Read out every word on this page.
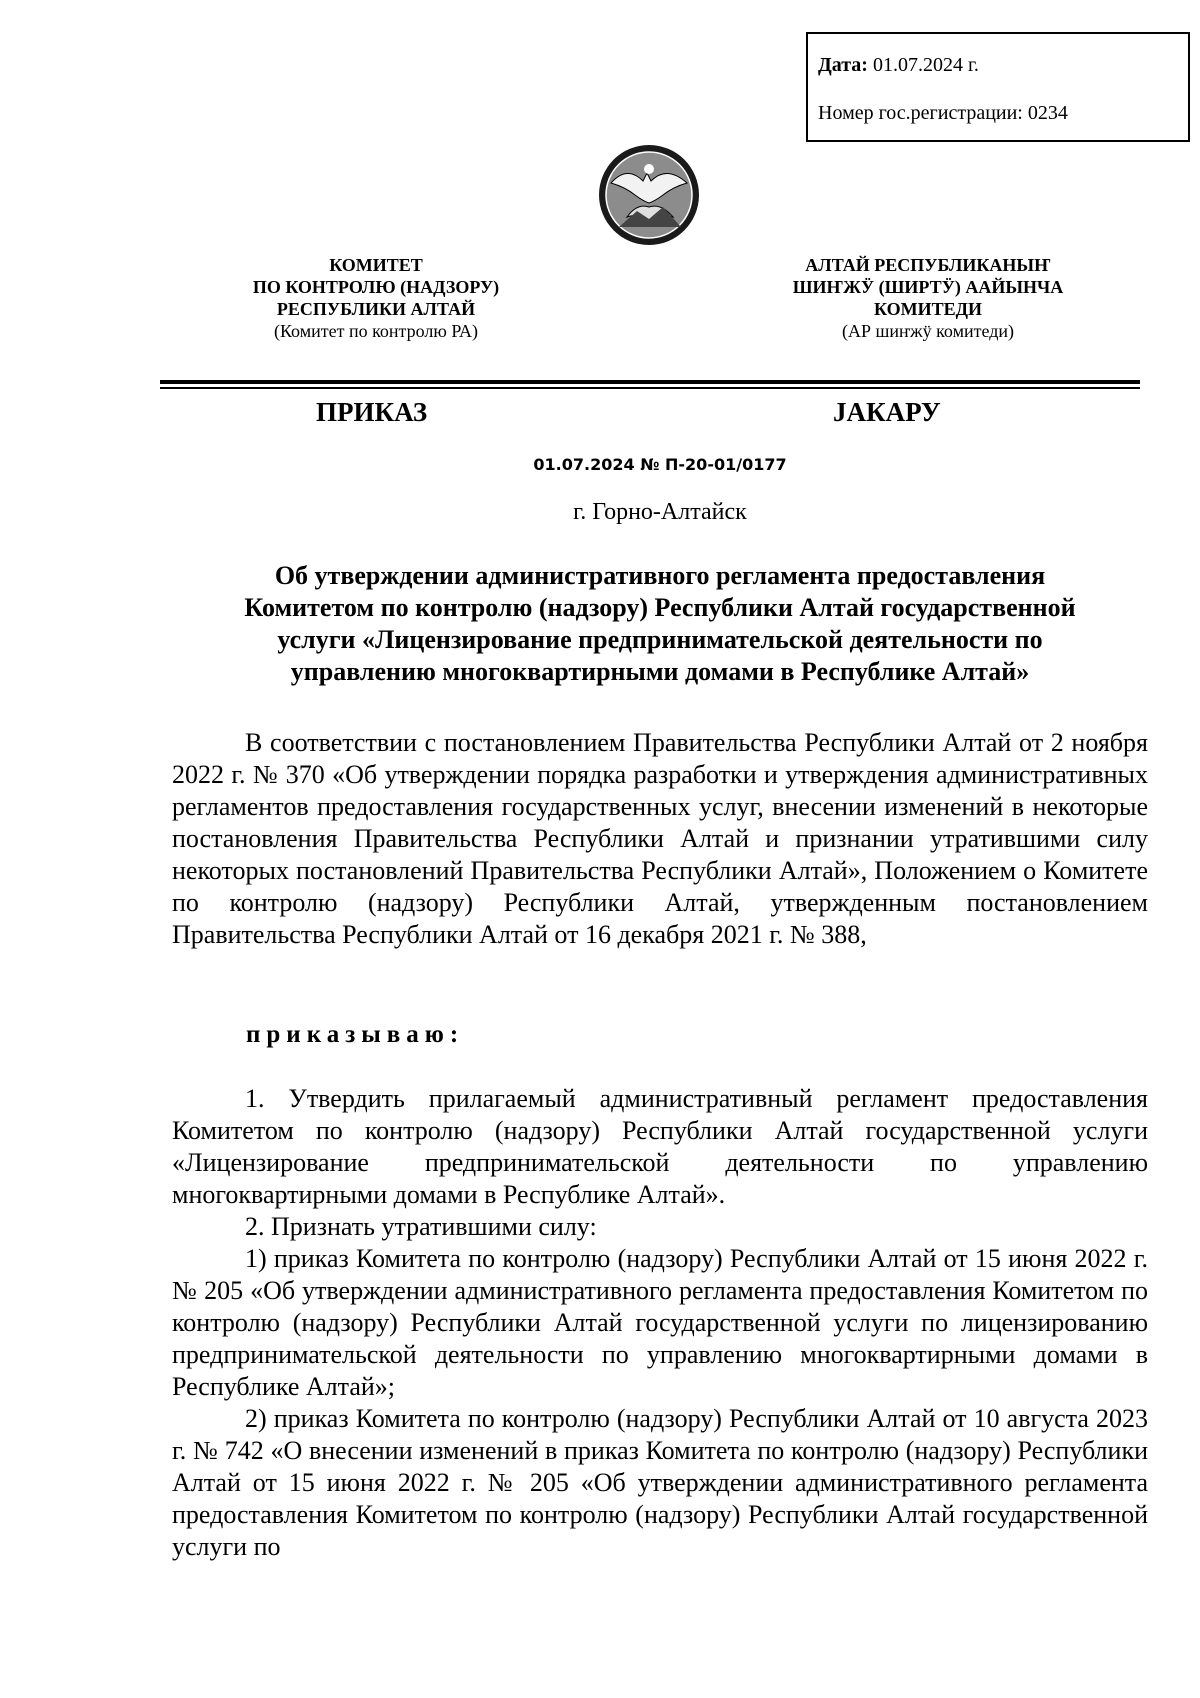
Дата: 01.07.2024 г.
Номер гос.регистрации: 0234
КОМИТЕТ
ПО КОНТРОЛЮ (НАДЗОРУ)
РЕСПУБЛИКИ АЛТАЙ
(Комитет по контролю РА)
АЛТАЙ РЕСПУБЛИКАНЫҤ
ШИҤЖӰ (ШИРТӰ) ААЙЫНЧА
КОМИТЕДИ
(АР шиҥжӱ комитеди)
ПРИКАЗ	ЈАКАРУ
01.07.2024 № П-20-01/0177
г. Горно-Алтайск
Об утверждении административного регламента предоставления
Комитетом по контролю (надзору) Республики Алтай государственной
услуги «Лицензирование предпринимательской деятельности по
управлению многоквартирными домами в Республике Алтай»

В соответствии с постановлением Правительства Республики Алтай от 2 ноября 2022 г. № 370 «Об утверждении порядка разработки и утверждения административных регламентов предоставления государственных услуг, внесении изменений в некоторые постановления Правительства Республики Алтай и признании утратившими силу некоторых постановлений Правительства Республики Алтай», Положением о Комитете по контролю (надзору) Республики Алтай, утвержденным постановлением Правительства Республики Алтай от 16 декабря 2021 г. № 388,

приказываю:

1. Утвердить прилагаемый административный регламент предоставления Комитетом по контролю (надзору) Республики Алтай государственной услуги «Лицензирование предпринимательской деятельности по управлению многоквартирными домами в Республике Алтай».

2. Признать утратившими силу:

1) приказ Комитета по контролю (надзору) Республики Алтай от 15 июня 2022 г. № 205 «Об утверждении административного регламента предоставления Комитетом по контролю (надзору) Республики Алтай государственной услуги по лицензированию предпринимательской деятельности по управлению многоквартирными домами в Республике Алтай»;

2) приказ Комитета по контролю (надзору) Республики Алтай от 10 августа 2023 г. № 742 «О внесении изменений в приказ Комитета по контролю (надзору) Республики Алтай от 15 июня 2022 г. № 205 «Об утверждении административного регламента предоставления Комитетом по контролю (надзору) Республики Алтай государственной услуги по
